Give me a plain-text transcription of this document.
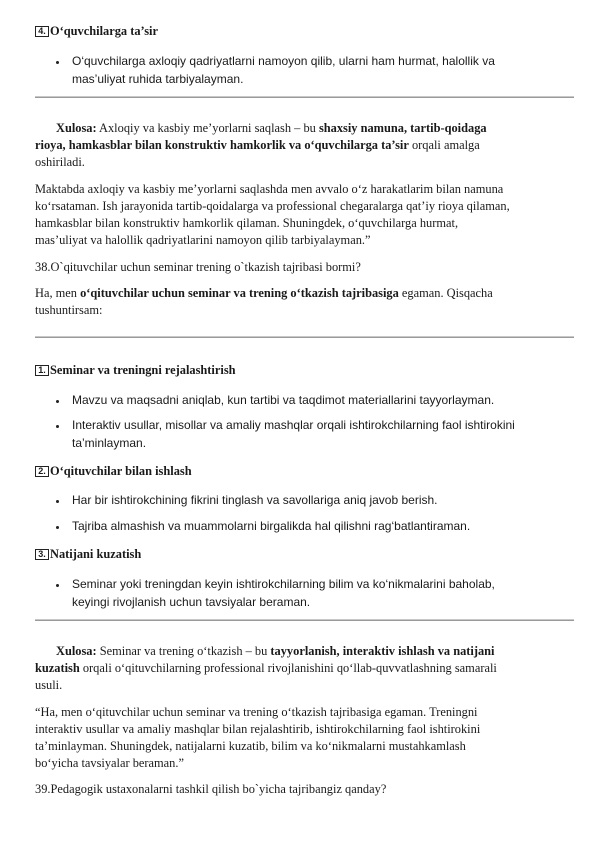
4. O‘quvchilarga ta’sir
O‘quvchilarga axloqiy qadriyatlarni namoyon qilib, ularni ham hurmat, halollik va
mas’uliyat ruhida tarbiyalayman.
Xulosa: Axloqiy va kasbiy me’yorlarni saqlash – bu shaxsiy namuna, tartib-qoidaga
rioya, hamkasblar bilan konstruktiv hamkorlik va o‘quvchilarga ta’sir orqali amalga
oshiriladi.
Maktabda axloqiy va kasbiy me’yorlarni saqlashda men avvalo o‘z harakatlarim bilan namuna
ko‘rsataman. Ish jarayonida tartib-qoidalarga va professional chegaralarga qat’iy rioya qilaman,
hamkasblar bilan konstruktiv hamkorlik qilaman. Shuningdek, o‘quvchilarga hurmat,
mas’uliyat va halollik qadriyatlarini namoyon qilib tarbiyalayman.”
38.O`qituvchilar uchun seminar trening o`tkazish tajribasi bormi?
Ha, men o‘qituvchilar uchun seminar va trening o‘tkazish tajribasiga egaman. Qisqacha
tushuntirsam:
1. Seminar va treningni rejalashtirish
Mavzu va maqsadni aniqlab, kun tartibi va taqdimot materiallarini tayyorlayman.
Interaktiv usullar, misollar va amaliy mashqlar orqali ishtirokchilarning faol ishtirokini
ta’minlayman.
2. O‘qituvchilar bilan ishlash
Har bir ishtirokchining fikrini tinglash va savollariga aniq javob berish.
Tajriba almashish va muammolarni birgalikda hal qilishni rag‘batlantiraman.
3. Natijani kuzatish
Seminar yoki treningdan keyin ishtirokchilarning bilim va ko‘nikmalarini baholab,
keyingi rivojlanish uchun tavsiyalar beraman.
Xulosa: Seminar va trening o‘tkazish – bu tayyorlanish, interaktiv ishlash va natijani
kuzatish orqali o‘qituvchilarning professional rivojlanishini qo‘llab-quvvatlashning samarali
usuli.
“Ha, men o‘qituvchilar uchun seminar va trening o‘tkazish tajribasiga egaman. Treningni
interaktiv usullar va amaliy mashqlar bilan rejalashtirib, ishtirokchilarning faol ishtirokini
ta’minlayman. Shuningdek, natijalarni kuzatib, bilim va ko‘nikmalarni mustahkamlash
bo‘yicha tavsiyalar beraman.”
39.Pedagogik ustaxonalarni tashkil qilish bo`yicha tajribangiz qanday?
